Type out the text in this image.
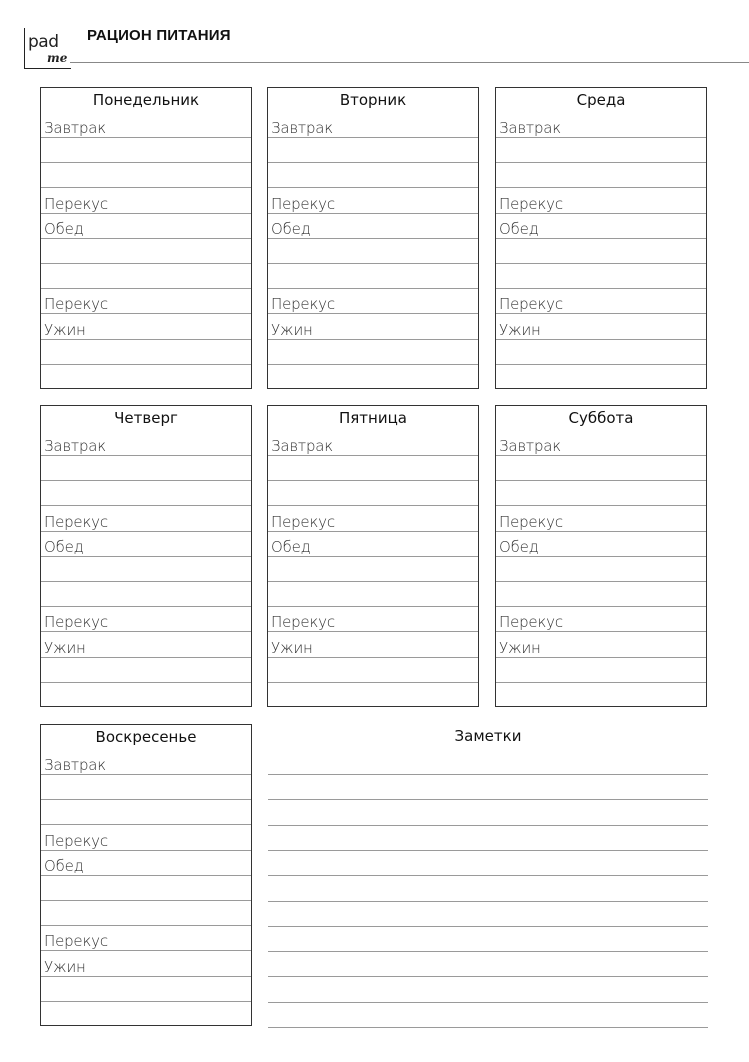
pad
me
РАЦИОН ПИТАНИЯ
Понедельник
Завтрак
Перекус
Обед
Перекус
Ужин
Вторник
Завтрак
Перекус
Обед
Перекус
Ужин
Среда
Завтрак
Перекус
Обед
Перекус
Ужин
Четверг
Завтрак
Перекус
Обед
Перекус
Ужин
Пятница
Завтрак
Перекус
Обед
Перекус
Ужин
Суббота
Завтрак
Перекус
Обед
Перекус
Ужин
Воскресенье
Завтрак
Перекус
Обед
Перекус
Ужин
Заметки
